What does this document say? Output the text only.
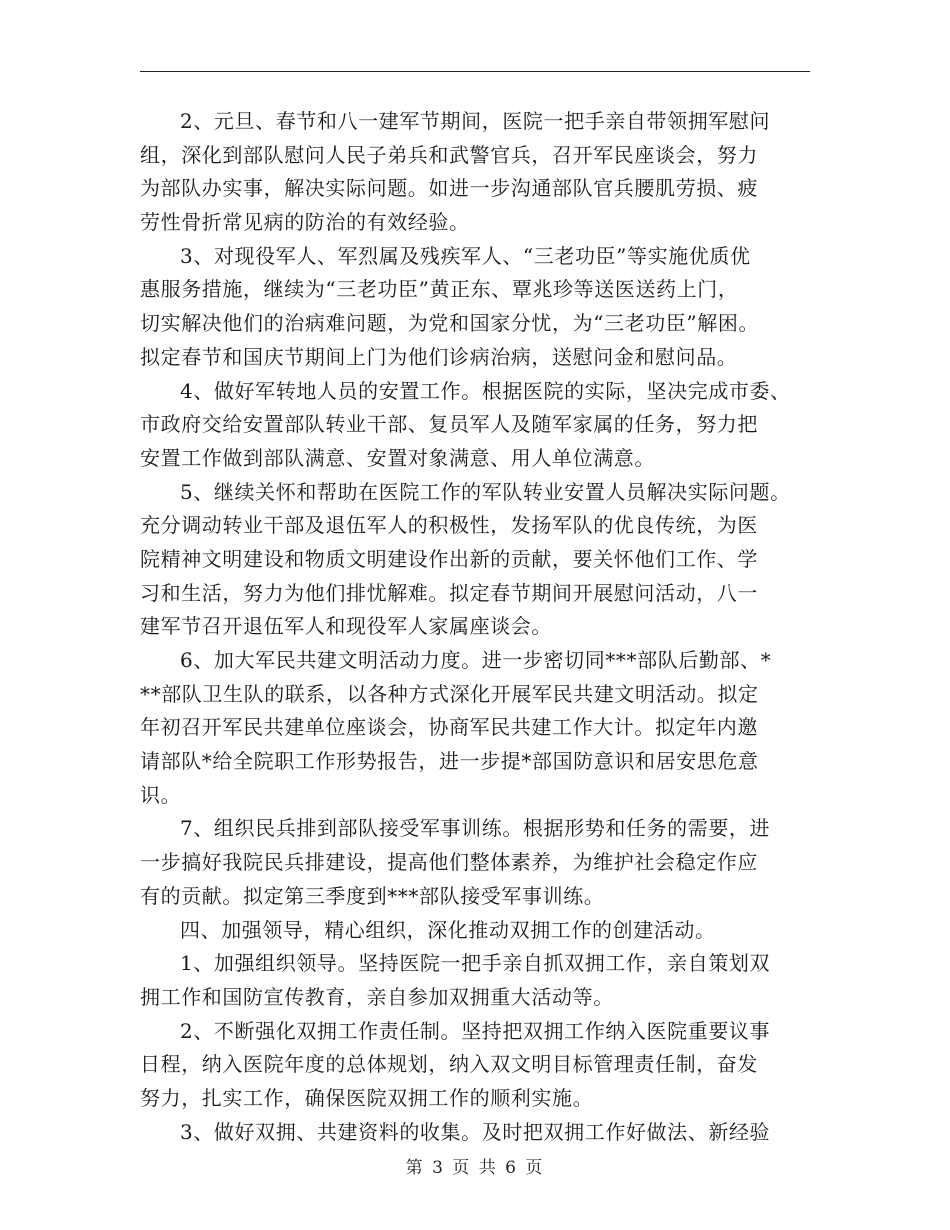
2、元旦、春节和八一建军节期间，医院一把手亲自带领拥军慰问
组，深化到部队慰问人民子弟兵和武警官兵，召开军民座谈会，努力
为部队办实事，解决实际问题。如进一步沟通部队官兵腰肌劳损、疲
劳性骨折常见病的防治的有效经验。
3、对现役军人、军烈属及残疾军人、“三老功臣”等实施优质优
惠服务措施，继续为“三老功臣”黄正东、覃兆珍等送医送药上门，
切实解决他们的治病难问题，为党和国家分忧，为“三老功臣”解困。
拟定春节和国庆节期间上门为他们诊病治病，送慰问金和慰问品。
4、做好军转地人员的安置工作。根据医院的实际，坚决完成市委、
市政府交给安置部队转业干部、复员军人及随军家属的任务，努力把
安置工作做到部队满意、安置对象满意、用人单位满意。
5、继续关怀和帮助在医院工作的军队转业安置人员解决实际问题。
充分调动转业干部及退伍军人的积极性，发扬军队的优良传统，为医
院精神文明建设和物质文明建设作出新的贡献，要关怀他们工作、学
习和生活，努力为他们排忧解难。拟定春节期间开展慰问活动，八一
建军节召开退伍军人和现役军人家属座谈会。
6、加大军民共建文明活动力度。进一步密切同***部队后勤部、*
**部队卫生队的联系，以各种方式深化开展军民共建文明活动。拟定
年初召开军民共建单位座谈会，协商军民共建工作大计。拟定年内邀
请部队*给全院职工作形势报告，进一步提*部国防意识和居安思危意
识。
7、组织民兵排到部队接受军事训练。根据形势和任务的需要，进
一步搞好我院民兵排建设，提高他们整体素养，为维护社会稳定作应
有的贡献。拟定第三季度到***部队接受军事训练。
四、加强领导，精心组织，深化推动双拥工作的创建活动。
1、加强组织领导。坚持医院一把手亲自抓双拥工作，亲自策划双
拥工作和国防宣传教育，亲自参加双拥重大活动等。
2、不断强化双拥工作责任制。坚持把双拥工作纳入医院重要议事
日程，纳入医院年度的总体规划，纳入双文明目标管理责任制，奋发
努力，扎实工作，确保医院双拥工作的顺利实施。
3、做好双拥、共建资料的收集。及时把双拥工作好做法、新经验
第 3 页 共 6 页
